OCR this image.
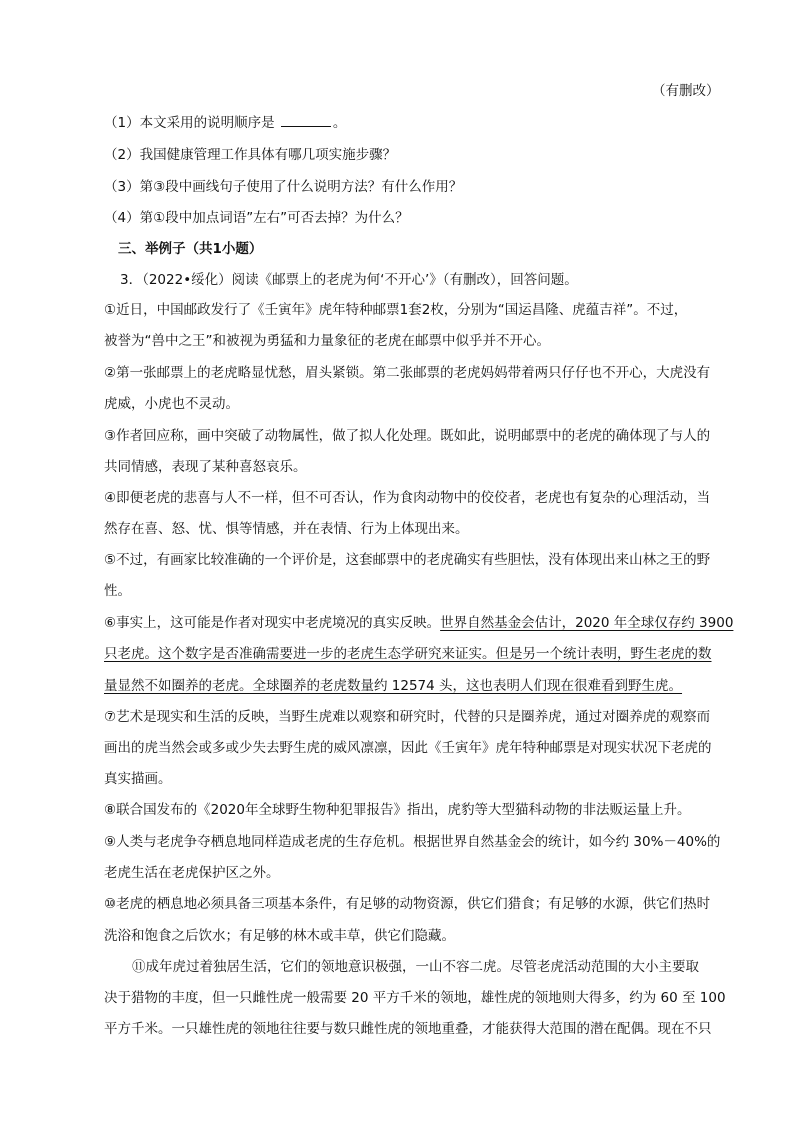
（有删改）
（1）本文采用的说明顺序是	。
（2）我国健康管理工作具体有哪几项实施步骤？
（3）第③段中画线句子使用了什么说明方法？有什么作用？
（4）第①段中加点词语”左右”可否去掉？为什么？
三、举例子（共1小题）
3．（2022•绥化）阅读《邮票上的老虎为何‘不开心’》（有删改），回答问题。
①近日，中国邮政发行了《壬寅年》虎年特种邮票1套2枚，分别为“国运昌隆、虎蕴吉祥”。不过，
被誉为“兽中之王”和被视为勇猛和力量象征的老虎在邮票中似乎并不开心。
②第一张邮票上的老虎略显忧愁，眉头紧锁。第二张邮票的老虎妈妈带着两只仔仔也不开心，大虎没有
虎威，小虎也不灵动。
③作者回应称，画中突破了动物属性，做了拟人化处理。既如此，说明邮票中的老虎的确体现了与人的
共同情感，表现了某种喜怒哀乐。
④即便老虎的悲喜与人不一样，但不可否认，作为食肉动物中的佼佼者，老虎也有复杂的心理活动，当
然存在喜、怒、忧、惧等情感，并在表情、行为上体现出来。
⑤不过，有画家比较准确的一个评价是，这套邮票中的老虎确实有些胆怯，没有体现出来山林之王的野
性。
⑥事实上，这可能是作者对现实中老虎境况的真实反映。世界自然基金会估计，2020 年全球仅存约 3900
只老虎。这个数字是否准确需要进一步的老虎生态学研究来证实。但是另一个统计表明，野生老虎的数
量显然不如圈养的老虎。全球圈养的老虎数量约 12574 头，这也表明人们现在很难看到野生虎。
⑦艺术是现实和生活的反映，当野生虎难以观察和研究时，代替的只是圈养虎，通过对圈养虎的观察而
画出的虎当然会或多或少失去野生虎的威风凛凛，因此《壬寅年》虎年特种邮票是对现实状况下老虎的
真实描画。
⑧联合国发布的《2020年全球野生物种犯罪报告》指出，虎豹等大型猫科动物的非法贩运量上升。
⑨人类与老虎争夺栖息地同样造成老虎的生存危机。根据世界自然基金会的统计，如今约 30%－40%的
老虎生活在老虎保护区之外。
⑩老虎的栖息地必须具备三项基本条件，有足够的动物资源，供它们猎食；有足够的水源，供它们热时
洗浴和饱食之后饮水；有足够的林木或丰草，供它们隐藏。
⑪成年虎过着独居生活，它们的领地意识极强，一山不容二虎。尽管老虎活动范围的大小主要取
决于猎物的丰度，但一只雌性虎一般需要 20 平方千米的领地，雄性虎的领地则大得多，约为 60 至 100
平方千米。一只雄性虎的领地往往要与数只雌性虎的领地重叠，才能获得大范围的潜在配偶。现在不只
